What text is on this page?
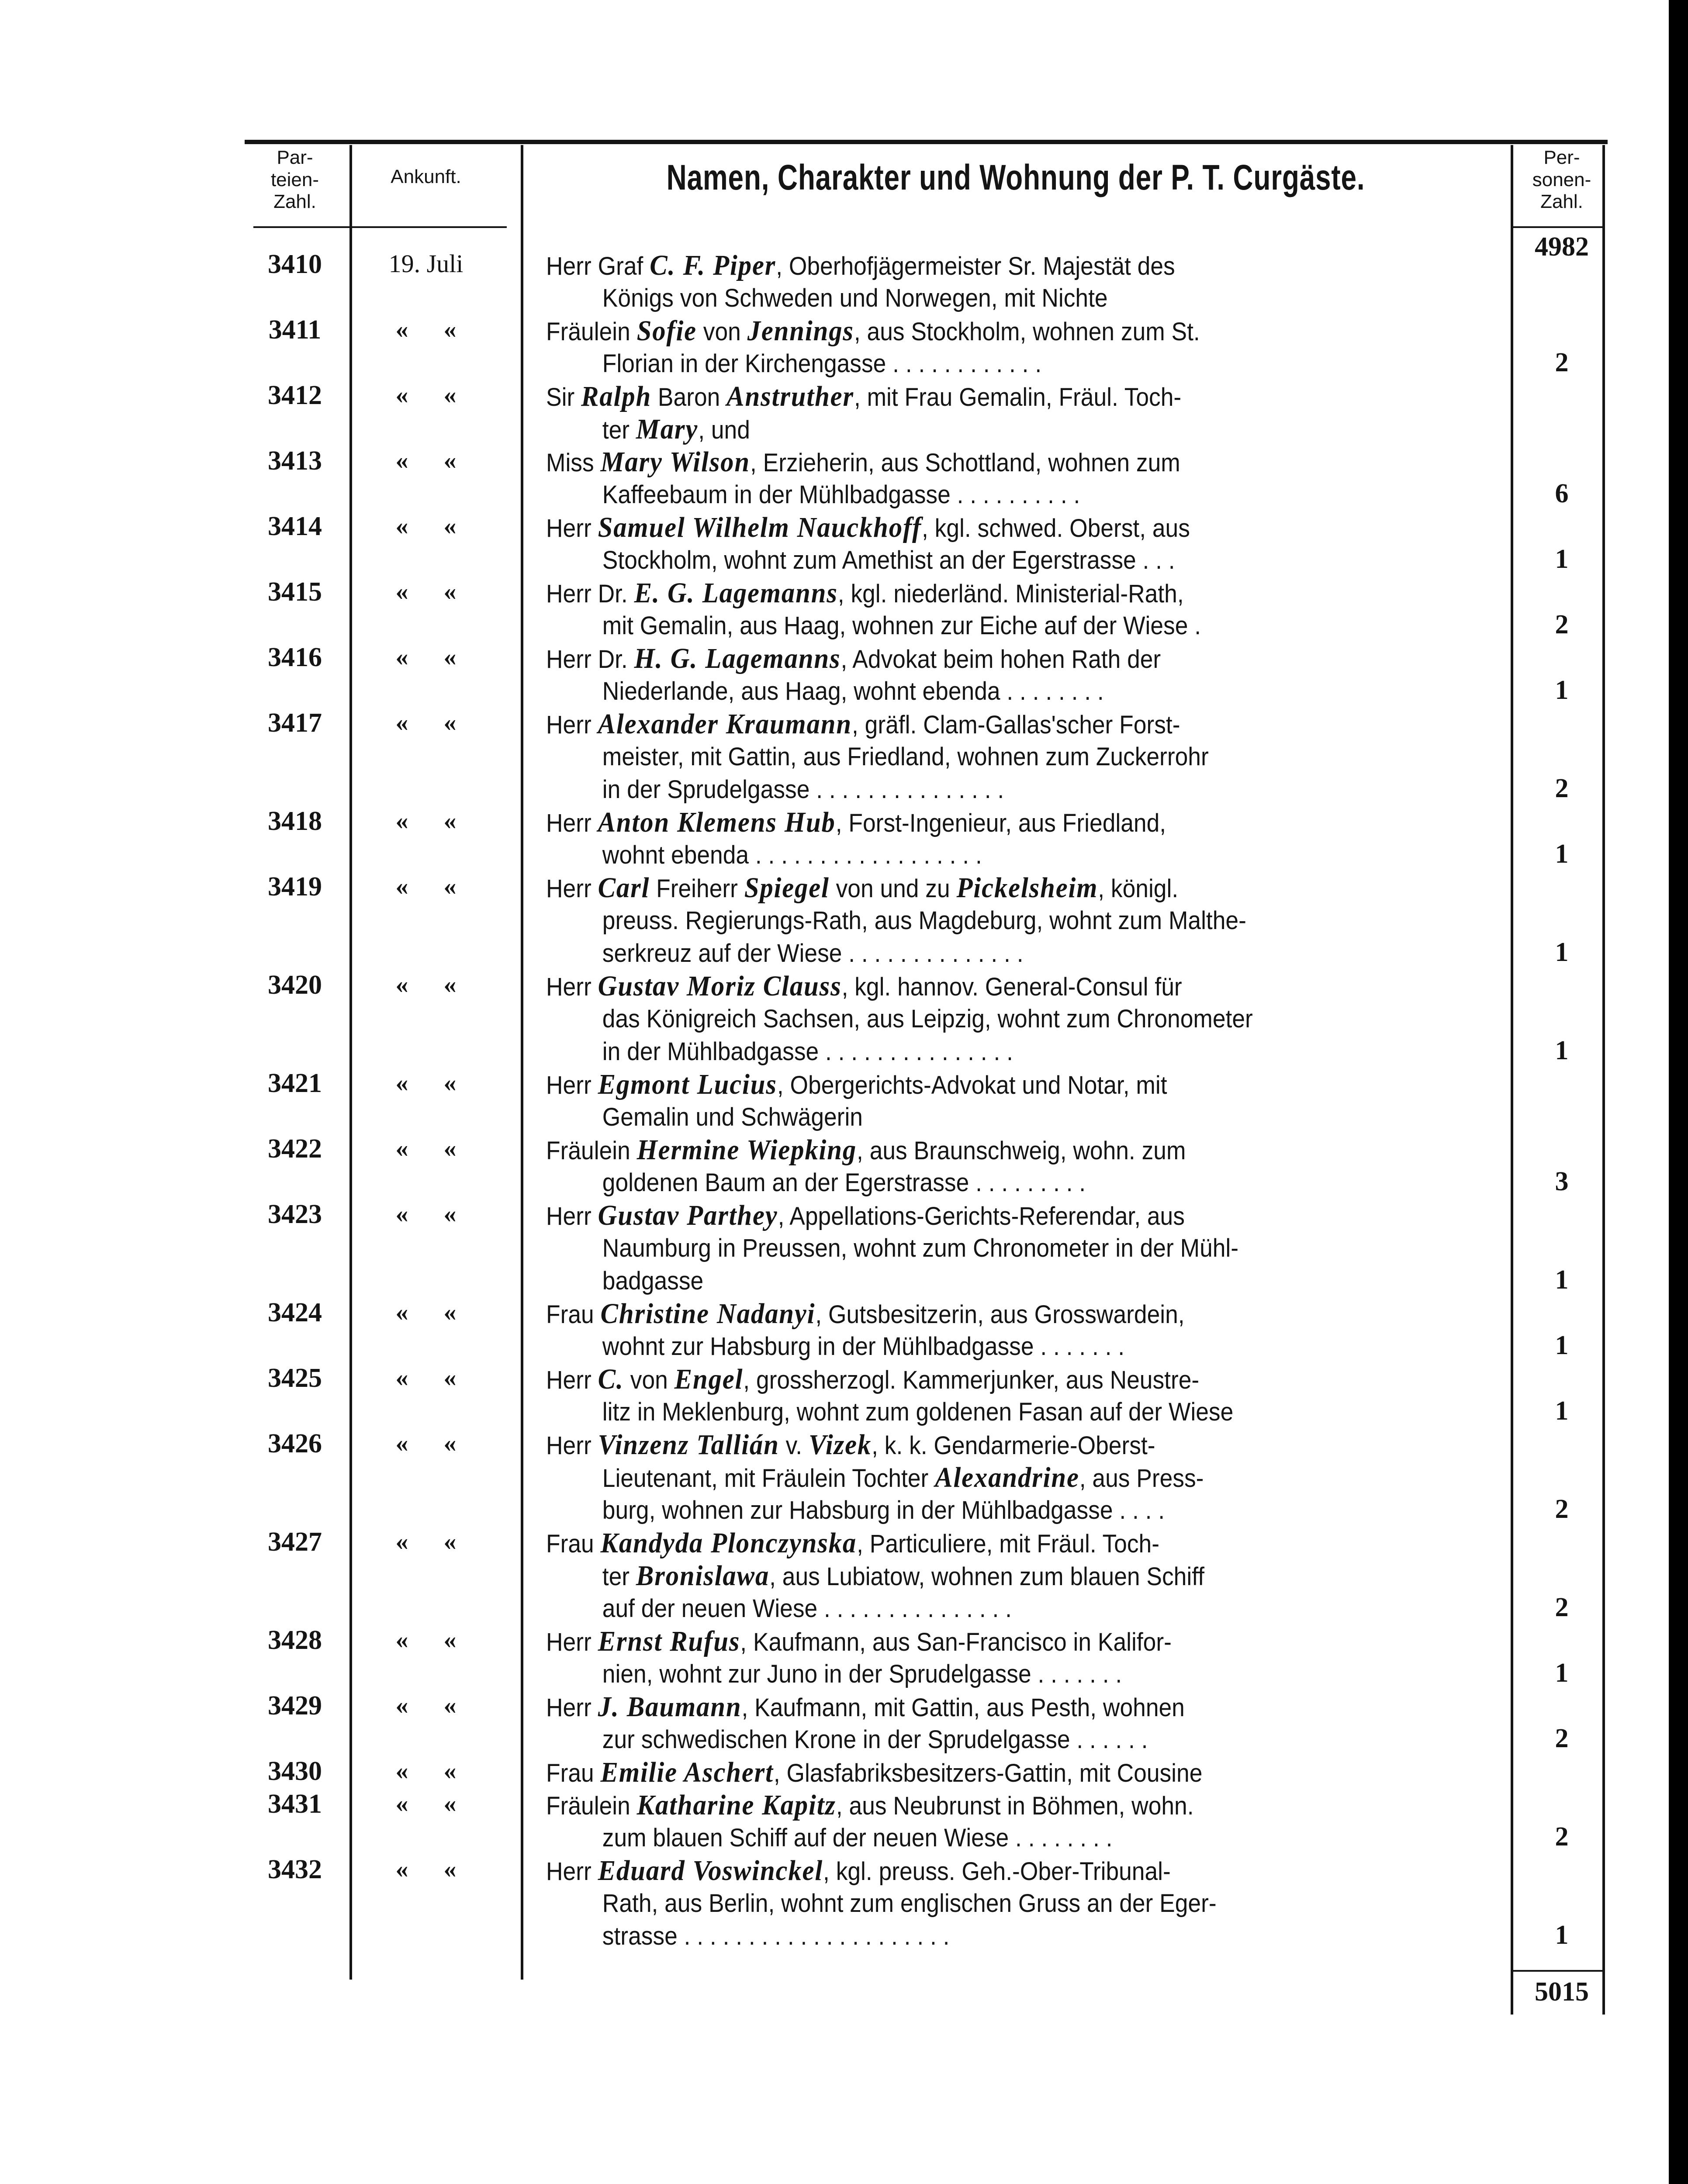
Par-
teien-
Zahl.
Ankunft.	Namen, Charakter und Wohnung der P. T. Curgäste.
Per-
sonen-
Zahl.
4982
3410	19. Juli	Herr Graf C. F. Piper, Oberhofjägermeister Sr. Majestät des
Königs von Schweden und Norwegen, mit Nichte
3411	« «	Fräulein Sofie von Jennings, aus Stockholm, wohnen zum St.
Florian in der Kirchengasse . . . . . . . . . . . .	2
3412	« «	Sir Ralph Baron Anstruther, mit Frau Gemalin, Fräul. Toch-
ter Mary, und
3413	« «	Miss Mary Wilson, Erzieherin, aus Schottland, wohnen zum
Kaffeebaum in der Mühlbadgasse . . . . . . . . . .	6
3414	« «	Herr Samuel Wilhelm Nauckhoff, kgl. schwed. Oberst, aus
Stockholm, wohnt zum Amethist an der Egerstrasse . . .	1
3415	« «	Herr Dr. E. G. Lagemanns, kgl. niederländ. Ministerial-Rath,
mit Gemalin, aus Haag, wohnen zur Eiche auf der Wiese .	2
3416	« «	Herr Dr. H. G. Lagemanns, Advokat beim hohen Rath der
Niederlande, aus Haag, wohnt ebenda . . . . . . . .	1
3417	« «	Herr Alexander Kraumann, gräfl. Clam-Gallas'scher Forst-
meister, mit Gattin, aus Friedland, wohnen zum Zuckerrohr
in der Sprudelgasse . . . . . . . . . . . . . . .	2
3418	« «	Herr Anton Klemens Hub, Forst-Ingenieur, aus Friedland,
wohnt ebenda . . . . . . . . . . . . . . . . . .	1
3419	« «	Herr Carl Freiherr Spiegel von und zu Pickelsheim, königl.
preuss. Regierungs-Rath, aus Magdeburg, wohnt zum Malthe-
serkreuz auf der Wiese . . . . . . . . . . . . . .	1
3420	« «	Herr Gustav Moriz Clauss, kgl. hannov. General-Consul für
das Königreich Sachsen, aus Leipzig, wohnt zum Chronometer
in der Mühlbadgasse . . . . . . . . . . . . . . .	1
3421	« «	Herr Egmont Lucius, Obergerichts-Advokat und Notar, mit
Gemalin und Schwägerin
3422	« «	Fräulein Hermine Wiepking, aus Braunschweig, wohn. zum
goldenen Baum an der Egerstrasse . . . . . . . . .	3
3423	« «	Herr Gustav Parthey, Appellations-Gerichts-Referendar, aus
Naumburg in Preussen, wohnt zum Chronometer in der Mühl-
badgasse	1
3424	« «	Frau Christine Nadanyi, Gutsbesitzerin, aus Grosswardein,
wohnt zur Habsburg in der Mühlbadgasse . . . . . . .	1
3425	« «	Herr C. von Engel, grossherzogl. Kammerjunker, aus Neustre-
litz in Meklenburg, wohnt zum goldenen Fasan auf der Wiese	1
3426	« «	Herr Vinzenz Tallián v. Vizek, k. k. Gendarmerie-Oberst-
Lieutenant, mit Fräulein Tochter Alexandrine, aus Press-
burg, wohnen zur Habsburg in der Mühlbadgasse . . . .	2
3427	« «	Frau Kandyda Plonczynska, Particuliere, mit Fräul. Toch-
ter Bronislawa, aus Lubiatow, wohnen zum blauen Schiff
auf der neuen Wiese . . . . . . . . . . . . . . .	2
3428	« «	Herr Ernst Rufus, Kaufmann, aus San-Francisco in Kalifor-
nien, wohnt zur Juno in der Sprudelgasse . . . . . . .	1
3429	« «	Herr J. Baumann, Kaufmann, mit Gattin, aus Pesth, wohnen
zur schwedischen Krone in der Sprudelgasse . . . . . .	2
3430	« «	Frau Emilie Aschert, Glasfabriksbesitzers-Gattin, mit Cousine
3431	« «	Fräulein Katharine Kapitz, aus Neubrunst in Böhmen, wohn.
zum blauen Schiff auf der neuen Wiese . . . . . . . .	2
3432	« «	Herr Eduard Voswinckel, kgl. preuss. Geh.-Ober-Tribunal-
Rath, aus Berlin, wohnt zum englischen Gruss an der Eger-
strasse . . . . . . . . . . . . . . . . . . . . .	1
5015
